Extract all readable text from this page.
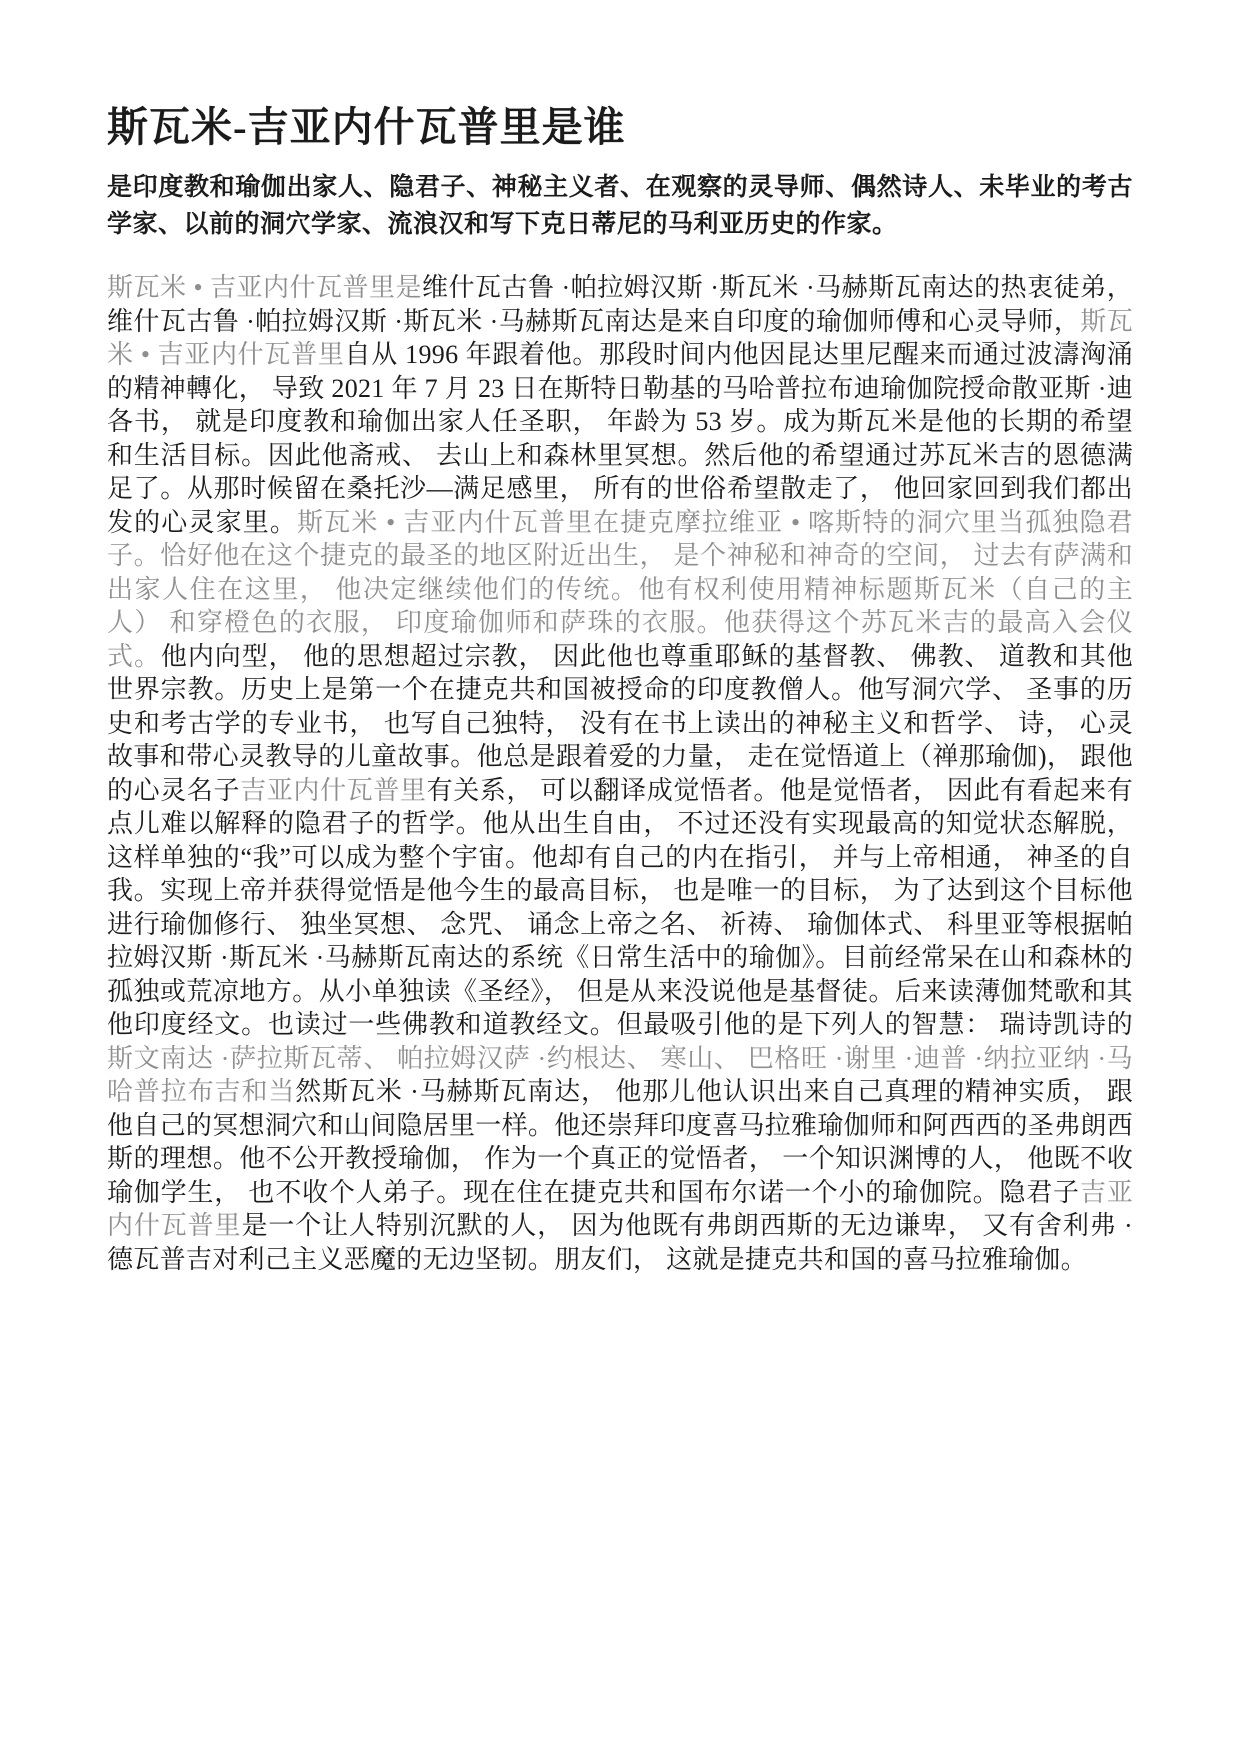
斯瓦米-吉亚内什瓦普里是谁

是印度教和瑜伽出家人、隐君子、神秘主义者、在观察的灵导师、偶然诗人、未毕业的考古学家、以前的洞穴学家、流浪汉和写下克日蒂尼的马利亚历史的作家。

斯瓦米 • 吉亚内什瓦普里是维什瓦古鲁 ·帕拉姆汉斯 ·斯瓦米 ·马赫斯瓦南达的热衷徒弟， 维什瓦古鲁 ·帕拉姆汉斯 ·斯瓦米 ·马赫斯瓦南达是来自印度的瑜伽师傅和心灵导师，斯瓦米 • 吉亚内什瓦普里自从 1996 年跟着他。那段时间内他因昆达里尼醒来而通过波濤洶涌的精神轉化， 导致 2021 年 7 月 23 日在斯特日勒基的马哈普拉布迪瑜伽院授命散亚斯 ·迪各书， 就是印度教和瑜伽出家人任圣职， 年龄为 53 岁。成为斯瓦米是他的长期的希望和生活目标。因此他斋戒、 去山上和森林里冥想。然后他的希望通过苏瓦米吉的恩德满足了。从那时候留在桑托沙—满足感里， 所有的世俗希望散走了， 他回家回到我们都出发的心灵家里。斯瓦米 • 吉亚内什瓦普里在捷克摩拉维亚 • 喀斯特的洞穴里当孤独隐君子。恰好他在这个捷克的最圣的地区附近出生， 是个神秘和神奇的空间， 过去有萨满和出家人住在这里， 他决定继续他们的传统。他有权利使用精神标题斯瓦米（自己的主人） 和穿橙色的衣服， 印度瑜伽师和萨珠的衣服。他获得这个苏瓦米吉的最高入会仪式。他内向型， 他的思想超过宗教， 因此他也尊重耶稣的基督教、 佛教、 道教和其他世界宗教。历史上是第一个在捷克共和国被授命的印度教僧人。他写洞穴学、 圣事的历史和考古学的专业书， 也写自己独特， 没有在书上读出的神秘主义和哲学、 诗， 心灵故事和带心灵教导的儿童故事。他总是跟着爱的力量， 走在觉悟道上（禅那瑜伽)， 跟他的心灵名子吉亚内什瓦普里有关系， 可以翻译成觉悟者。他是觉悟者， 因此有看起来有点儿难以解释的隐君子的哲学。他从出生自由， 不过还没有实现最高的知觉状态解脱， 这样单独的“我”可以成为整个宇宙。他却有自己的内在指引， 并与上帝相通， 神圣的自我。实现上帝并获得觉悟是他今生的最高目标， 也是唯一的目标， 为了达到这个目标他进行瑜伽修行、 独坐冥想、 念咒、 诵念上帝之名、 祈祷、 瑜伽体式、 科里亚等根据帕拉姆汉斯 ·斯瓦米 ·马赫斯瓦南达的系统《日常生活中的瑜伽》。目前经常呆在山和森林的孤独或荒凉地方。从小单独读《圣经》， 但是从来没说他是基督徒。后来读薄伽梵歌和其他印度经文。也读过一些佛教和道教经文。但最吸引他的是下列人的智慧： 瑞诗凯诗的斯文南达 ·萨拉斯瓦蒂、 帕拉姆汉萨 ·约根达、 寒山、 巴格旺 ·谢里 ·迪普 ·纳拉亚纳 ·马哈普拉布吉和当然斯瓦米 ·马赫斯瓦南达， 他那儿他认识出来自己真理的精神实质， 跟他自己的冥想洞穴和山间隐居里一样。他还崇拜印度喜马拉雅瑜伽师和阿西西的圣弗朗西斯的理想。他不公开教授瑜伽， 作为一个真正的觉悟者， 一个知识渊博的人， 他既不收瑜伽学生， 也不收个人弟子。现在住在捷克共和国布尔诺一个小的瑜伽院。隐君子吉亚内什瓦普里是一个让人特别沉默的人， 因为他既有弗朗西斯的无边谦卑， 又有舍利弗 ·德瓦普吉对利己主义恶魔的无边坚韧。朋友们， 这就是捷克共和国的喜马拉雅瑜伽。
